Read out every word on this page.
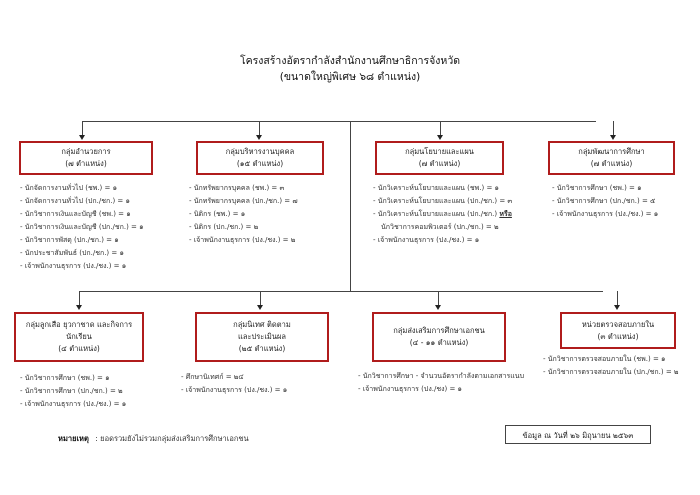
โครงสร้างอัตรากำลังสำนักงานศึกษาธิการจังหวัด
(ขนาดใหญ่พิเศษ ๖๘ ตำแหน่ง)
กลุ่มอำนวยการ
(๗ ตำแหน่ง)
- นักจัดการงานทั่วไป (ชพ.) = ๑
- นักจัดการงานทั่วไป (ปก./ชก.) = ๑
- นักวิชาการเงินและบัญชี (ชพ.) = ๑
- นักวิชาการเงินและบัญชี (ปก./ชก.) = ๑
- นักวิชาการพัสดุ (ปก./ชก.) = ๑
- นักประชาสัมพันธ์ (ปก./ชก.) = ๑
- เจ้าพนักงานธุรการ (ปง./ชง.) = ๑
กลุ่มบริหารงานบุคคล
(๑๕ ตำแหน่ง)
- นักทรัพยากรบุคคล (ชพ.) = ๓
- นักทรัพยากรบุคคล (ปก./ชก.) = ๗
- นิติกร (ชพ.) = ๑
- นิติกร (ปก./ชก.) = ๒
- เจ้าพนักงานธุรการ (ปง./ชง.) = ๒
กลุ่มนโยบายและแผน
(๗ ตำแหน่ง)
- นักวิเคราะห์นโยบายและแผน (ชพ.) = ๑
- นักวิเคราะห์นโยบายและแผน (ปก./ชก.) = ๓
- นักวิเคราะห์นโยบายและแผน (ปก./ชก.) หรือ
นักวิชาการคอมพิวเตอร์ (ปก./ชก.) = ๒
- เจ้าพนักงานธุรการ (ปง./ชง.) = ๑
กลุ่มพัฒนาการศึกษา
(๗ ตำแหน่ง)
- นักวิชาการศึกษา (ชพ.) = ๑
- นักวิชาการศึกษา (ปก./ชก.) = ๕
- เจ้าพนักงานธุรการ (ปง./ชง.) = ๑
กลุ่มลูกเสือ ยุวกาชาด และกิจการ
นักเรียน
(๔ ตำแหน่ง)
- นักวิชาการศึกษา (ชพ.) = ๑
- นักวิชาการศึกษา (ปก./ชก.) = ๒
- เจ้าพนักงานธุรการ (ปง./ชง.) = ๑
กลุ่มนิเทศ ติดตาม
และประเมินผล
(๒๕ ตำแหน่ง)
- ศึกษานิเทศก์ = ๒๔
- เจ้าพนักงานธุรการ (ปง./ชง.) = ๑
กลุ่มส่งเสริมการศึกษาเอกชน
(๔ - ๑๑ ตำแหน่ง)
- นักวิชาการศึกษา - จำนวนอัตรากำลังตามเอกสารแนบ
- เจ้าพนักงานธุรการ (ปง./ชง) = ๑
หน่วยตรวจสอบภายใน
(๓ ตำแหน่ง)
- นักวิชาการตรวจสอบภายใน (ชพ.) = ๑
- นักวิชาการตรวจสอบภายใน (ปก./ชก.) = ๒
หมายเหตุ : ยอดรวมยังไม่รวมกลุ่มส่งเสริมการศึกษาเอกชน	ข้อมูล ณ วันที่ ๒๖ มิถุนายน ๒๕๖๓
